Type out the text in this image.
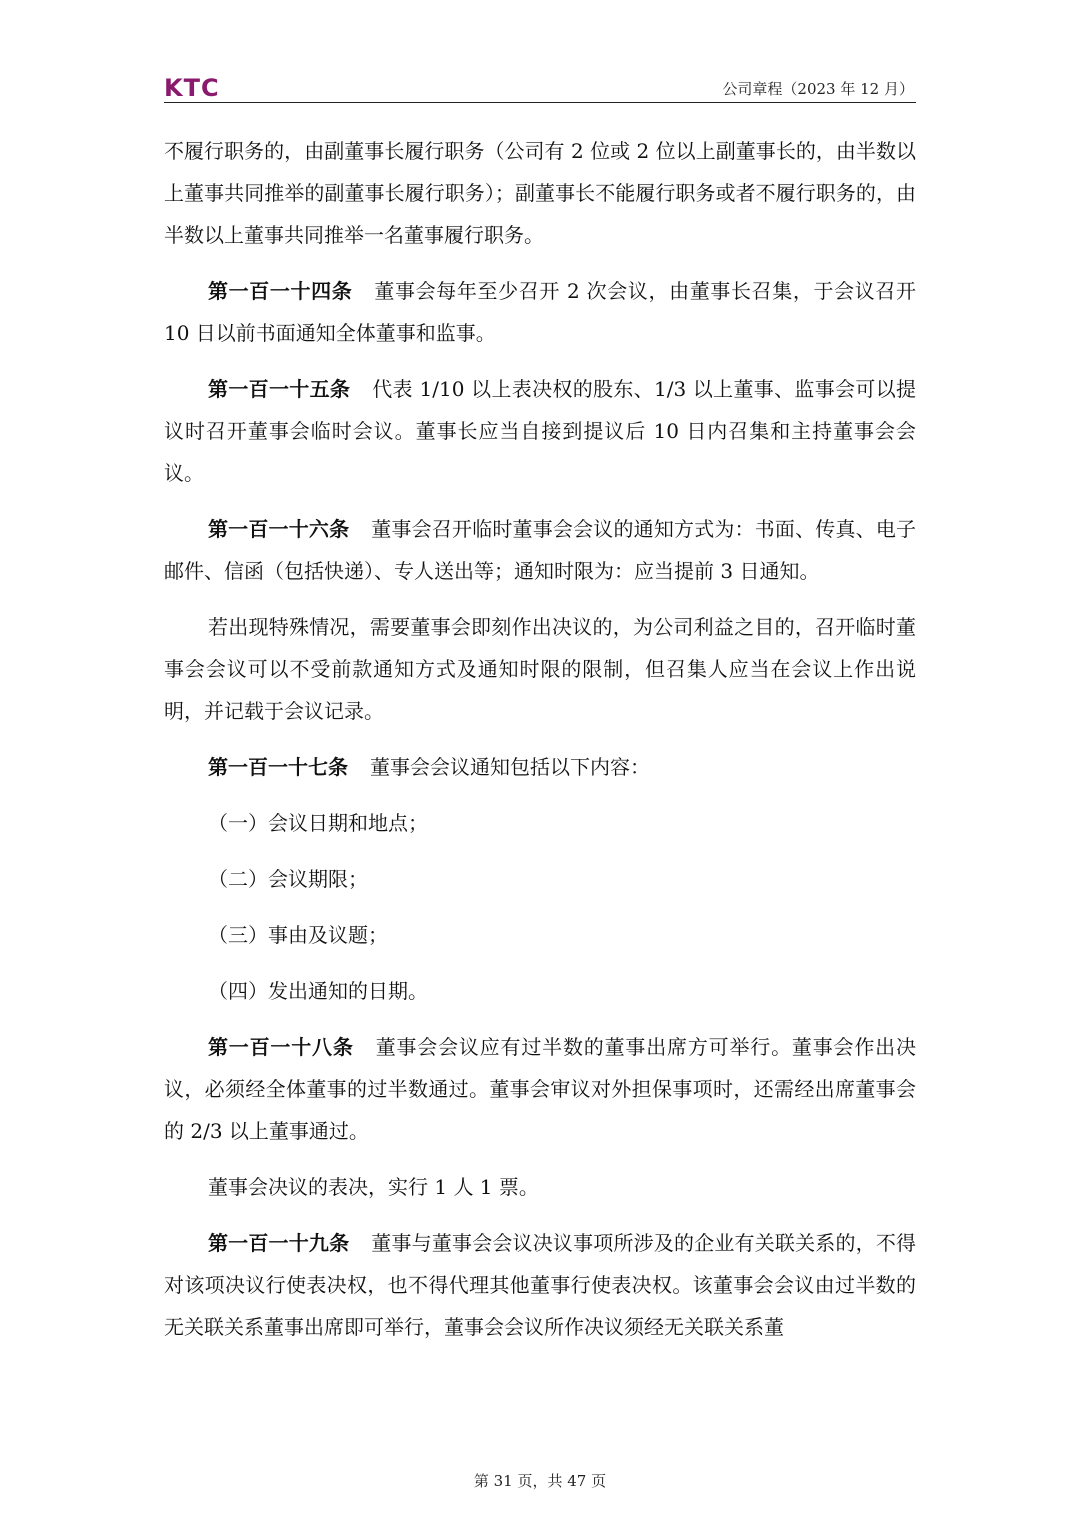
KTC	公司章程（2023 年 12 月）

不履行职务的，由副董事长履行职务（公司有 2 位或 2 位以上副董事长的，由半数以上董事共同推举的副董事长履行职务）；副董事长不能履行职务或者不履行职务的，由半数以上董事共同推举一名董事履行职务。

第一百一十四条 董事会每年至少召开 2 次会议，由董事长召集，于会议召开 10 日以前书面通知全体董事和监事。

第一百一十五条 代表 1/10 以上表决权的股东、1/3 以上董事、监事会可以提议时召开董事会临时会议。董事长应当自接到提议后 10 日内召集和主持董事会会议。

第一百一十六条 董事会召开临时董事会会议的通知方式为：书面、传真、电子邮件、信函（包括快递）、专人送出等；通知时限为：应当提前 3 日通知。

若出现特殊情况，需要董事会即刻作出决议的，为公司利益之目的，召开临时董事会会议可以不受前款通知方式及通知时限的限制，但召集人应当在会议上作出说明，并记载于会议记录。

第一百一十七条 董事会会议通知包括以下内容：

（一）会议日期和地点；

（二）会议期限；

（三）事由及议题；

（四）发出通知的日期。

第一百一十八条 董事会会议应有过半数的董事出席方可举行。董事会作出决议，必须经全体董事的过半数通过。董事会审议对外担保事项时，还需经出席董事会的 2/3 以上董事通过。

董事会决议的表决，实行 1 人 1 票。

第一百一十九条 董事与董事会会议决议事项所涉及的企业有关联关系的，不得对该项决议行使表决权，也不得代理其他董事行使表决权。该董事会会议由过半数的无关联关系董事出席即可举行，董事会会议所作决议须经无关联关系董

第 31 页，共 47 页
